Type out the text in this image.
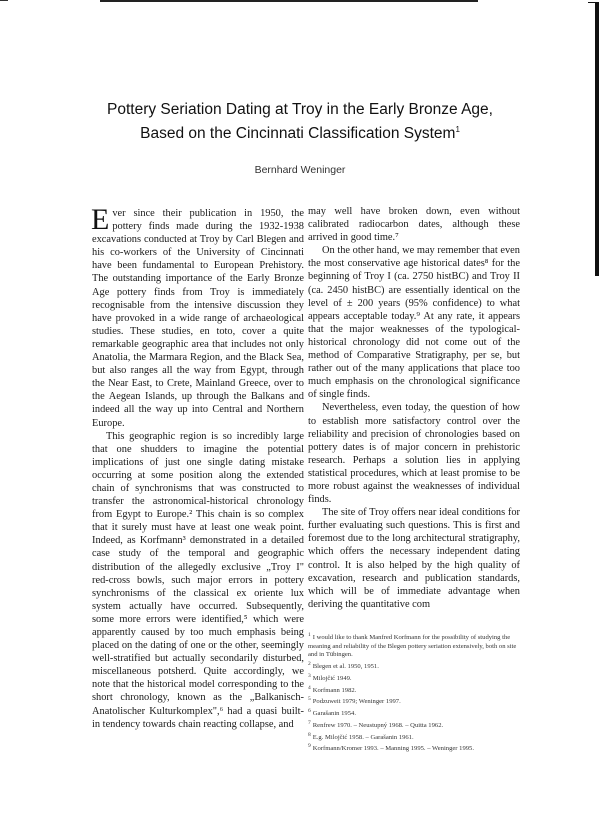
Pottery Seriation Dating at Troy in the Early Bronze Age,
Based on the Cincinnati Classification System$^1$
Bernhard Weninger

Ever since their publication in 1950, the pottery finds made during the 1932-1938 excavations conducted at Troy by Carl Blegen and his co-workers of the University of Cincinnati have been fundamental to European Prehistory. The outstanding importance of the Early Bronze Age pottery finds from Troy is immediately recognisable from the intensive discussion they have provoked in a wide range of archaeological studies. These studies, en toto, cover a quite remarkable geographic area that includes not only Anatolia, the Marmara Region, and the Black Sea, but also ranges all the way from Egypt, through the Near East, to Crete, Mainland Greece, over to the Aegean Islands, up through the Balkans and indeed all the way up into Central and Northern Europe.

This geographic region is so incredibly large that one shudders to imagine the potential implications of just one single dating mistake occurring at some position along the extended chain of synchronisms that was constructed to transfer the astronomical-historical chronology from Egypt to Europe.² This chain is so complex that it surely must have at least one weak point. Indeed, as Korfmann³ demonstrated in a detailed case study of the temporal and geographic distribution of the allegedly exclusive „Troy I" red-cross bowls, such major errors in pottery synchronisms of the classical ex oriente lux system actually have occurred. Subsequently, some more errors were identified,⁵ which were apparently caused by too much emphasis being placed on the dating of one or the other, seemingly well-stratified but actually secondarily disturbed, miscellaneous potsherd. Quite accordingly, we note that the historical model corresponding to the short chronology, known as the „Balkanisch-Anatolischer Kulturkomplex",⁶ had a quasi built-in tendency towards chain reacting collapse, and

may well have broken down, even without calibrated radiocarbon dates, although these arrived in good time.⁷

On the other hand, we may remember that even the most conservative age historical dates⁸ for the beginning of Troy I (ca. 2750 histBC) and Troy II (ca. 2450 histBC) are essentially identical on the level of ± 200 years (95% confidence) to what appears acceptable today.⁹ At any rate, it appears that the major weaknesses of the typological-historical chronology did not come out of the method of Comparative Stratigraphy, per se, but rather out of the many applications that place too much emphasis on the chronological significance of single finds.

Nevertheless, even today, the question of how to establish more satisfactory control over the reliability and precision of chronologies based on pottery dates is of major concern in prehistoric research. Perhaps a solution lies in applying statistical procedures, which at least promise to be more robust against the weaknesses of individual finds.

The site of Troy offers near ideal conditions for further evaluating such questions. This is first and foremost due to the long architectural stratigraphy, which offers the necessary independent dating control. It is also helped by the high quality of excavation, research and publication standards, which will be of immediate advantage when deriving the quantitative com

$^1$ I would like to thank Manfred Korfmann for the possibility of studying the meaning and reliability of the Blegen pottery seriation extensively, both on site and in Tübingen.
$^2$ Blegen et al. 1950, 1951.
$^3$ Milojčić 1949.
$^4$ Korfmann 1982.
$^5$ Podzuweit 1979; Weninger 1997.
$^6$ Garašanin 1954.
$^7$ Renfrew 1970. – Neustupný 1968. – Quitta 1962.
$^8$ E.g. Milojčić 1958. – Garašanin 1961.
$^9$ Korfmann/Kromer 1993. – Manning 1995. – Weninger 1995.
